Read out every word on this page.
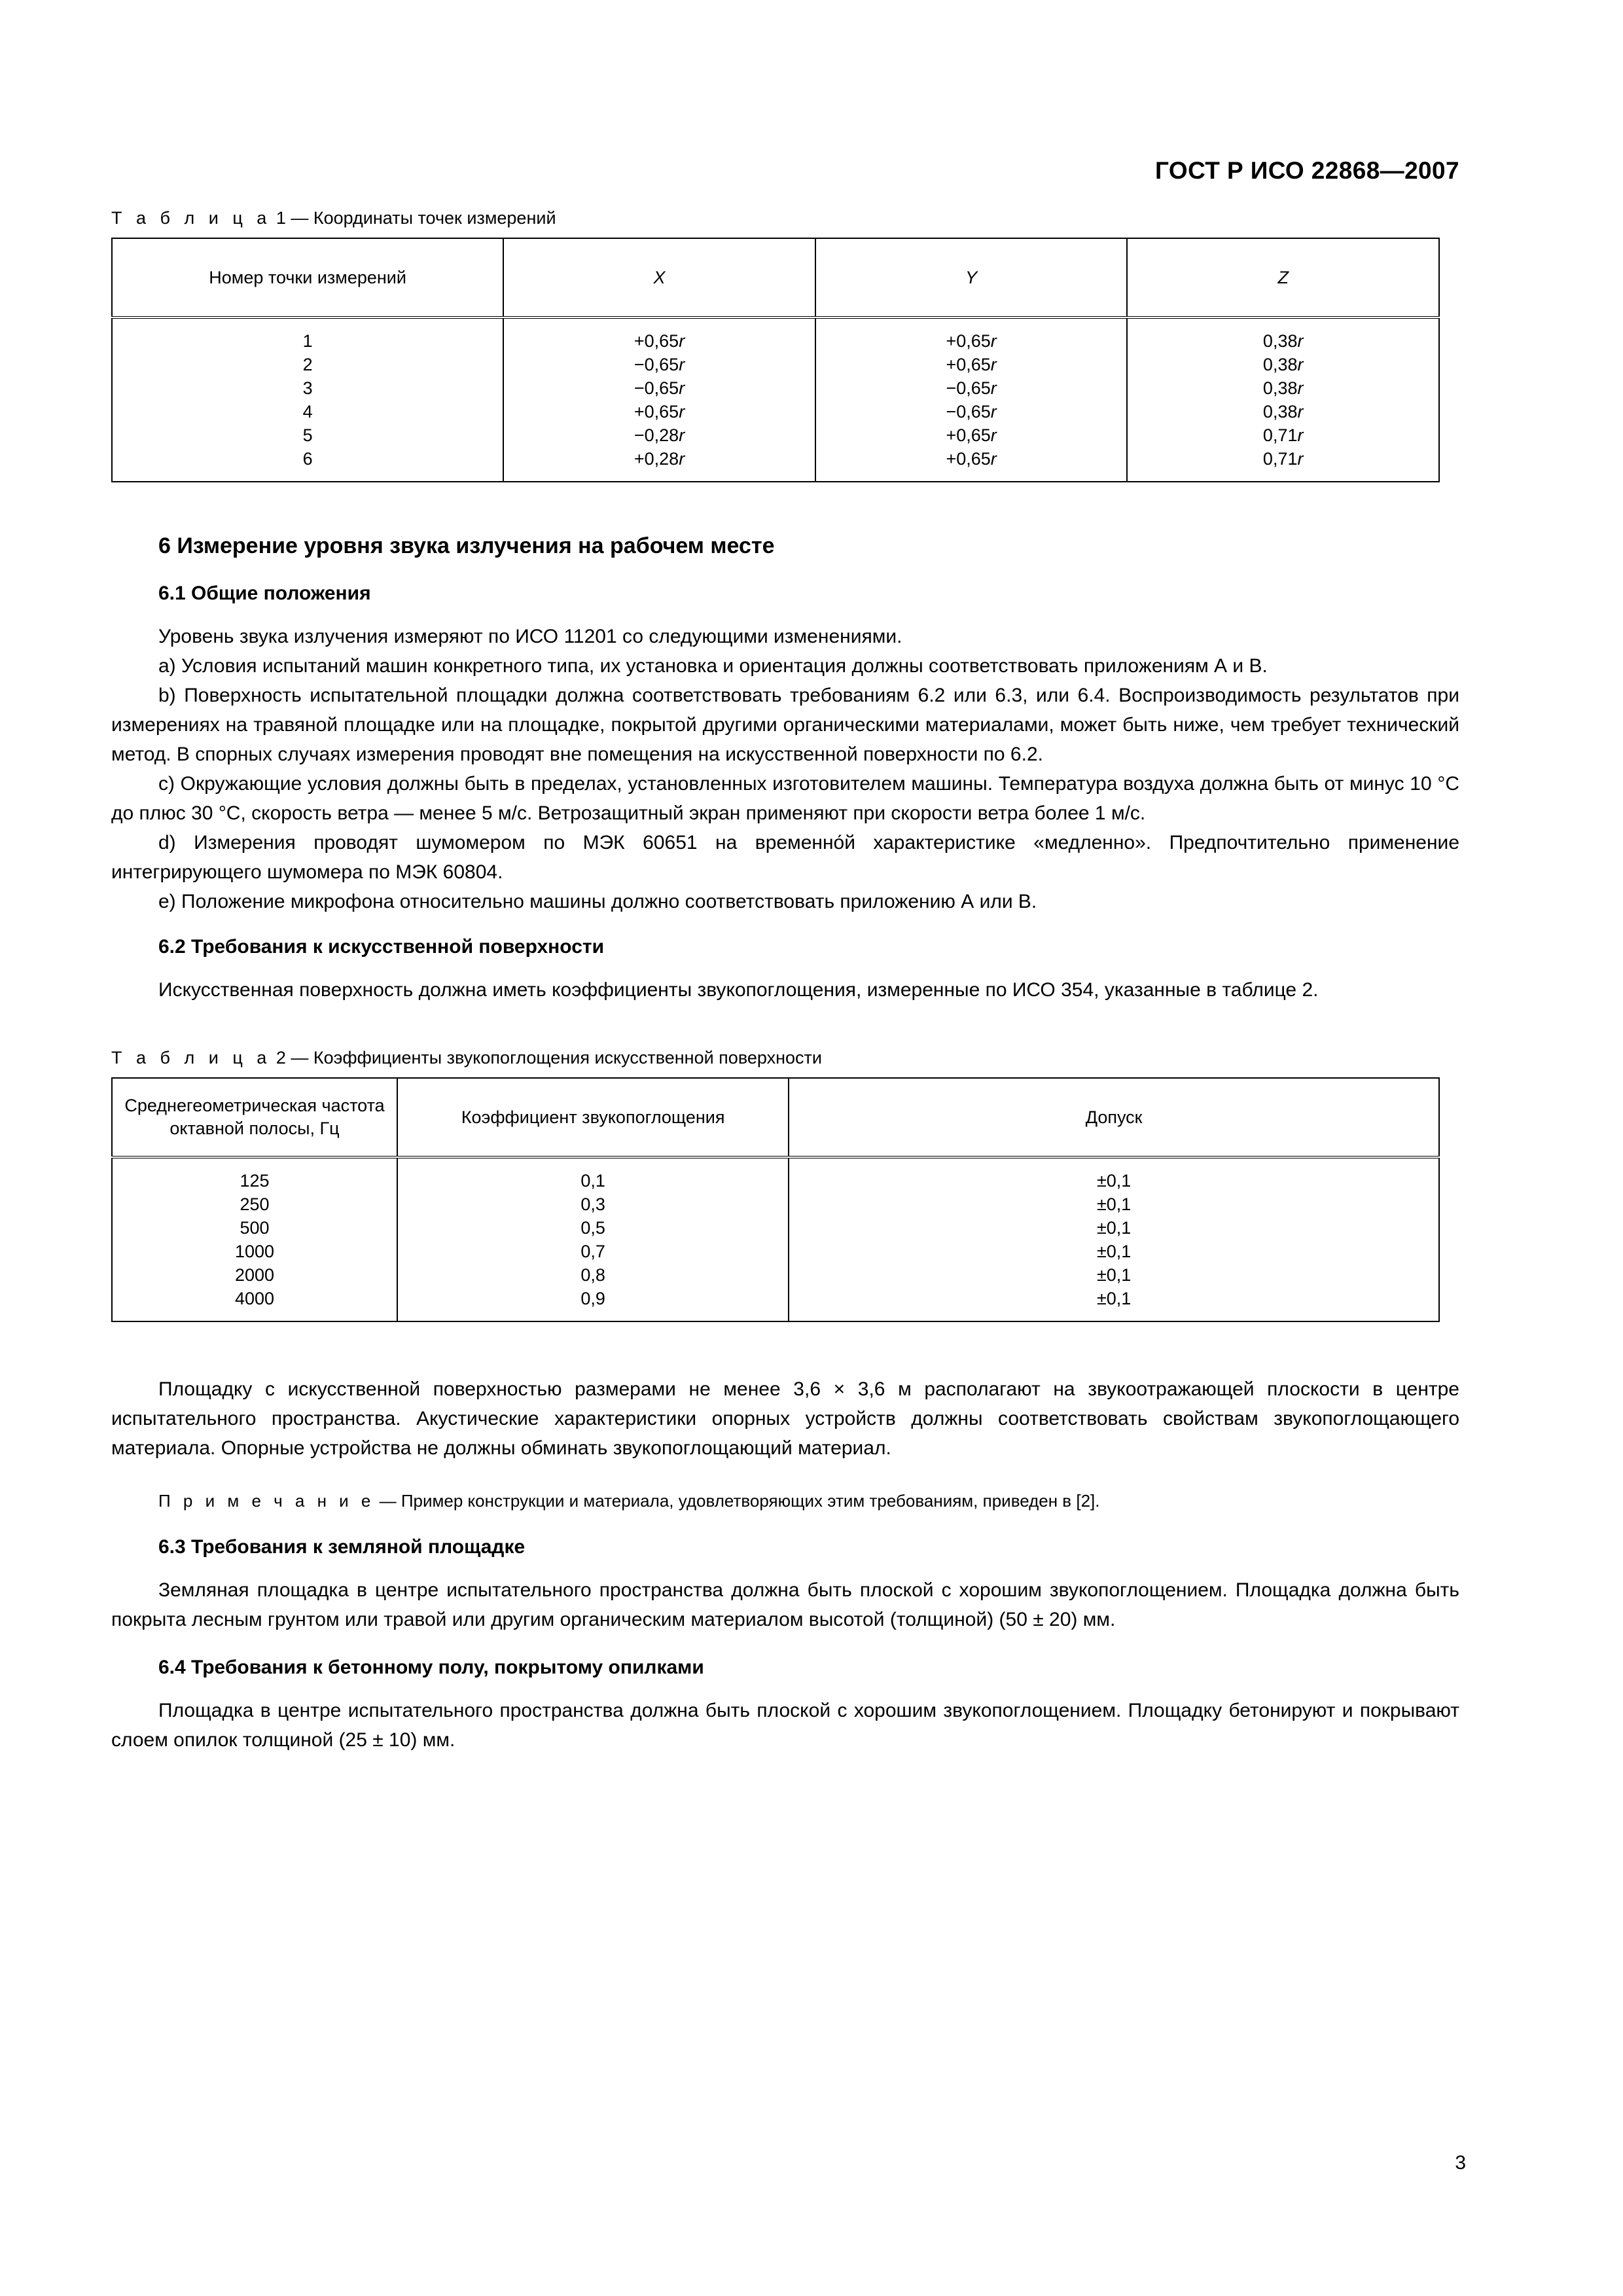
ГОСТ Р ИСО 22868—2007

Т а б л и ц а 1 — Координаты точек измерений

Номер точки измерений	X	Y	Z
1	+0,65r	+0,65r	0,38r
2	−0,65r	+0,65r	0,38r
3	−0,65r	−0,65r	0,38r
4	+0,65r	−0,65r	0,38r
5	−0,28r	+0,65r	0,71r
6	+0,28r	+0,65r	0,71r
6 Измерение уровня звука излучения на рабочем месте
6.1 Общие положения

Уровень звука излучения измеряют по ИСО 11201 со следующими изменениями.

a) Условия испытаний машин конкретного типа, их установка и ориентация должны соответствовать приложениям А и В.

b) Поверхность испытательной площадки должна соответствовать требованиям 6.2 или 6.3, или 6.4. Воспроизводимость результатов при измерениях на травяной площадке или на площадке, покрытой другими органическими материалами, может быть ниже, чем требует технический метод. В спорных случаях измерения проводят вне помещения на искусственной поверхности по 6.2.

c) Окружающие условия должны быть в пределах, установленных изготовителем машины. Температура воздуха должна быть от минус 10 °C до плюс 30 °C, скорость ветра — менее 5 м/с. Ветрозащитный экран применяют при скорости ветра более 1 м/с.

d) Измерения проводят шумомером по МЭК 60651 на временно́й характеристике «медленно». Предпочтительно применение интегрирующего шумомера по МЭК 60804.

e) Положение микрофона относительно машины должно соответствовать приложению А или В.

6.2 Требования к искусственной поверхности

Искусственная поверхность должна иметь коэффициенты звукопоглощения, измеренные по ИСО 354, указанные в таблице 2.

Т а б л и ц а 2 — Коэффициенты звукопоглощения искусственной поверхности

Среднегеометрическая частота октавной полосы, Гц	Коэффициент звукопоглощения	Допуск
125	0,1	±0,1
250	0,3	±0,1
500	0,5	±0,1
1000	0,7	±0,1
2000	0,8	±0,1
4000	0,9	±0,1

Площадку с искусственной поверхностью размерами не менее 3,6 × 3,6 м располагают на звукоотражающей плоскости в центре испытательного пространства. Акустические характеристики опорных устройств должны соответствовать свойствам звукопоглощающего материала. Опорные устройства не должны обминать звукопоглощающий материал.

П р и м е ч а н и е — Пример конструкции и материала, удовлетворяющих этим требованиям, приведен в [2].

6.3 Требования к земляной площадке

Земляная площадка в центре испытательного пространства должна быть плоской с хорошим звукопоглощением. Площадка должна быть покрыта лесным грунтом или травой или другим органическим материалом высотой (толщиной) (50 ± 20) мм.

6.4 Требования к бетонному полу, покрытому опилками

Площадка в центре испытательного пространства должна быть плоской с хорошим звукопоглощением. Площадку бетонируют и покрывают слоем опилок толщиной (25 ± 10) мм.

3
